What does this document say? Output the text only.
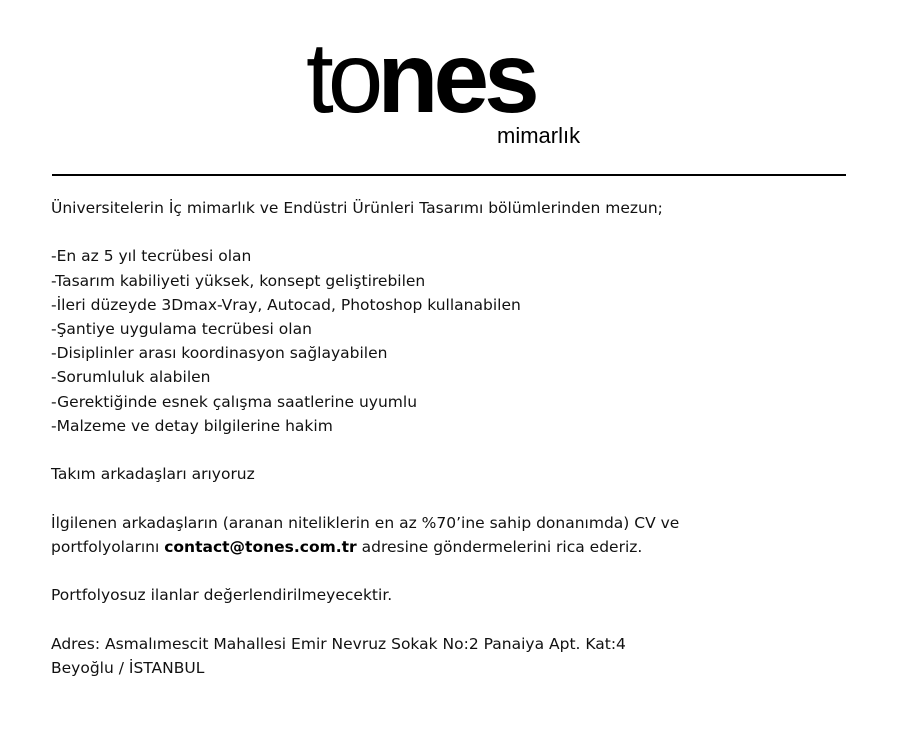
tones
mimarlık
Üniversitelerin İç mimarlık ve Endüstri Ürünleri Tasarımı bölümlerinden mezun;
-En az 5 yıl tecrübesi olan
-Tasarım kabiliyeti yüksek, konsept geliştirebilen
-İleri düzeyde 3Dmax-Vray, Autocad, Photoshop kullanabilen
-Şantiye uygulama tecrübesi olan
-Disiplinler arası koordinasyon sağlayabilen
-Sorumluluk alabilen
-Gerektiğinde esnek çalışma saatlerine uyumlu
-Malzeme ve detay bilgilerine hakim
Takım arkadaşları arıyoruz
İlgilenen arkadaşların (aranan niteliklerin en az %70’ine sahip donanımda) CV ve
portfolyolarını contact@tones.com.tr adresine göndermelerini rica ederiz.
Portfolyosuz ilanlar değerlendirilmeyecektir.
Adres: Asmalımescit Mahallesi Emir Nevruz Sokak No:2 Panaiya Apt. Kat:4
Beyoğlu / İSTANBUL
